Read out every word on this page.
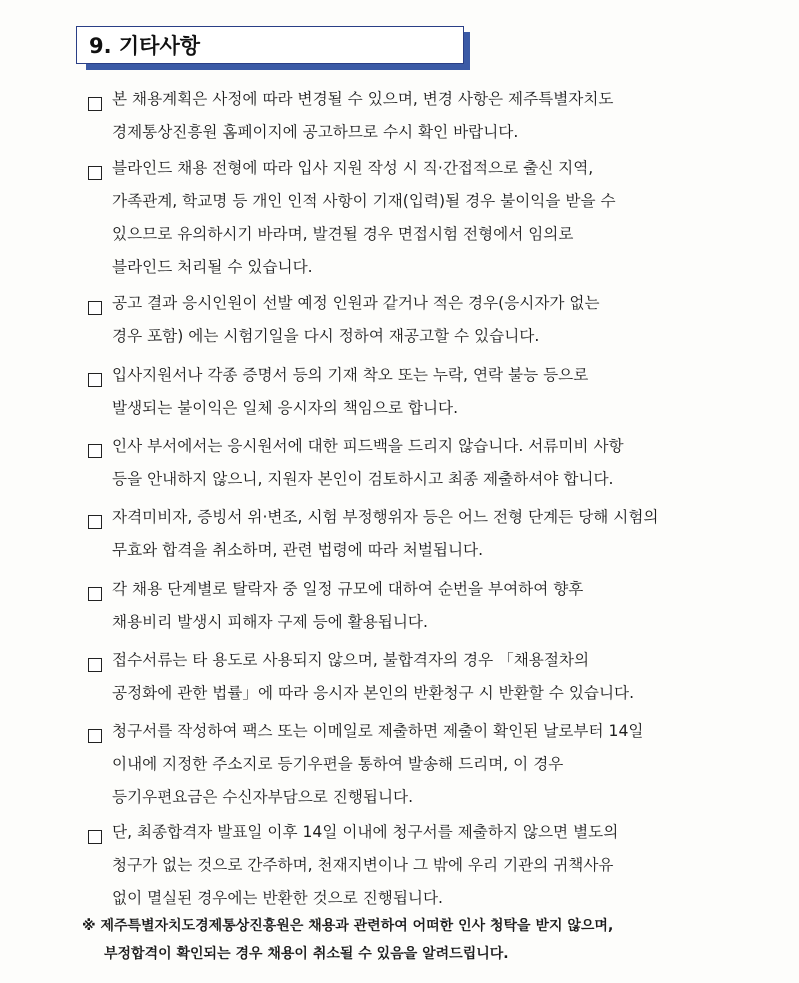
9. 기타사항
본 채용계획은 사정에 따라 변경될 수 있으며, 변경 사항은 제주특별자치도
경제통상진흥원 홈페이지에 공고하므로 수시 확인 바랍니다.
블라인드 채용 전형에 따라 입사 지원 작성 시 직·간접적으로 출신 지역,
가족관계, 학교명 등 개인 인적 사항이 기재(입력)될 경우 불이익을 받을 수
있으므로 유의하시기 바라며, 발견될 경우 면접시험 전형에서 임의로
블라인드 처리될 수 있습니다.
공고 결과 응시인원이 선발 예정 인원과 같거나 적은 경우(응시자가 없는
경우 포함) 에는 시험기일을 다시 정하여 재공고할 수 있습니다.
입사지원서나 각종 증명서 등의 기재 착오 또는 누락, 연락 불능 등으로
발생되는 불이익은 일체 응시자의 책임으로 합니다.
인사 부서에서는 응시원서에 대한 피드백을 드리지 않습니다. 서류미비 사항
등을 안내하지 않으니, 지원자 본인이 검토하시고 최종 제출하셔야 합니다.
자격미비자, 증빙서 위·변조, 시험 부정행위자 등은 어느 전형 단계든 당해 시험의
무효와 합격을 취소하며, 관련 법령에 따라 처벌됩니다.
각 채용 단계별로 탈락자 중 일정 규모에 대하여 순번을 부여하여 향후
채용비리 발생시 피해자 구제 등에 활용됩니다.
접수서류는 타 용도로 사용되지 않으며, 불합격자의 경우 「채용절차의
공정화에 관한 법률」에 따라 응시자 본인의 반환청구 시 반환할 수 있습니다.
청구서를 작성하여 팩스 또는 이메일로 제출하면 제출이 확인된 날로부터 14일
이내에 지정한 주소지로 등기우편을 통하여 발송해 드리며, 이 경우
등기우편요금은 수신자부담으로 진행됩니다.
단, 최종합격자 발표일 이후 14일 이내에 청구서를 제출하지 않으면 별도의
청구가 없는 것으로 간주하며, 천재지변이나 그 밖에 우리 기관의 귀책사유
없이 멸실된 경우에는 반환한 것으로 진행됩니다.
※ 제주특별자치도경제통상진흥원은 채용과 관련하여 어떠한 인사 청탁을 받지 않으며,
부정합격이 확인되는 경우 채용이 취소될 수 있음을 알려드립니다.
